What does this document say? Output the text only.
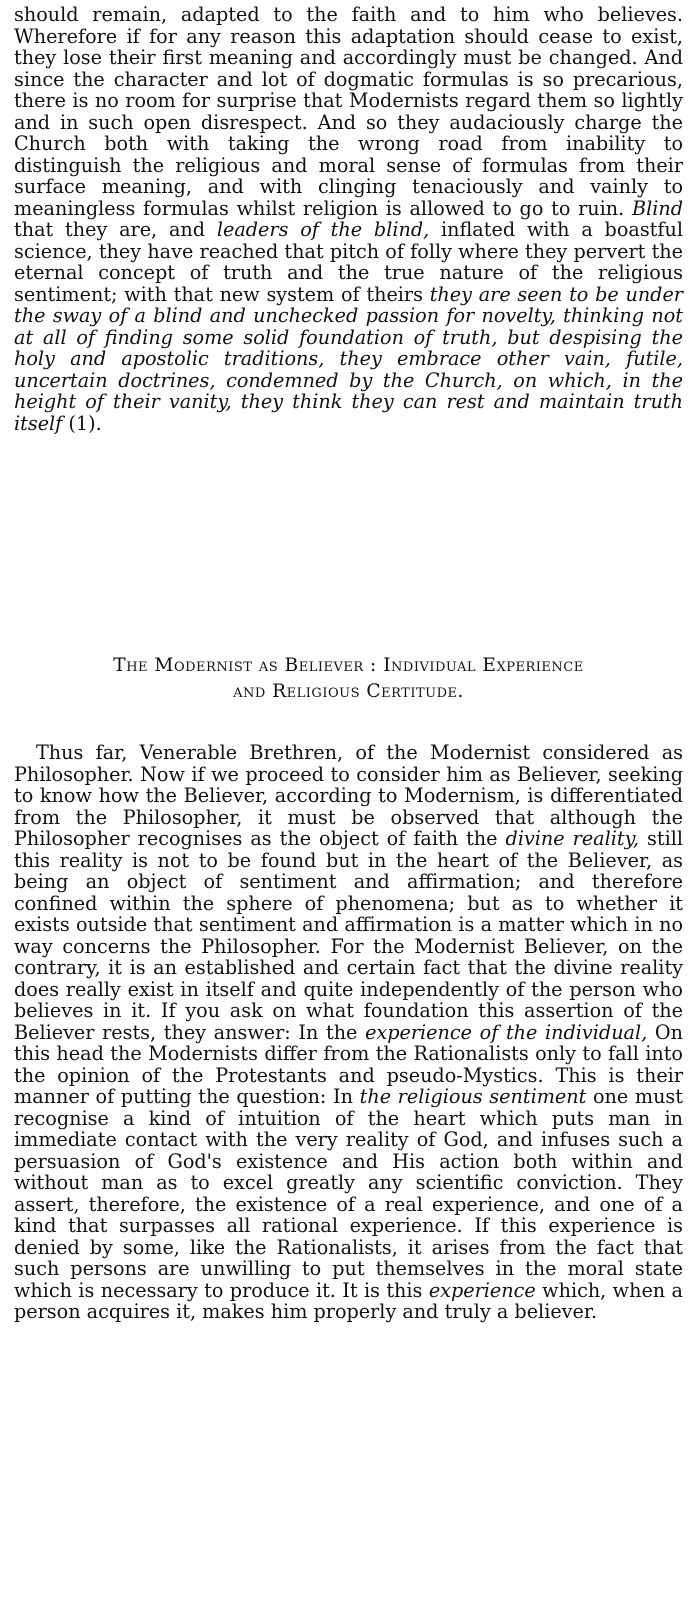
should remain, adapted to the faith and to him who believes. Wherefore if for any reason this adaptation should cease to exist, they lose their first meaning and accordingly must be changed. And since the character and lot of dogmatic formulas is so precarious, there is no room for surprise that Modernists regard them so lightly and in such open disrespect. And so they audaciously charge the Church both with taking the wrong road from inability to distinguish the religious and moral sense of formulas from their surface meaning, and with clinging tenaciously and vainly to meaningless formulas whilst religion is allowed to go to ruin. Blind that they are, and leaders of the blind, inflated with a boastful science, they have reached that pitch of folly where they pervert the eternal concept of truth and the true nature of the religious sentiment; with that new system of theirs they are seen to be under the sway of a blind and unchecked passion for novelty, thinking not at all of finding some solid foundation of truth, but despising the holy and apostolic traditions, they embrace other vain, futile, uncertain doctrines, condemned by the Church, on which, in the height of their vanity, they think they can rest and maintain truth itself (1).

The Modernist as Believer : Individual Experience
and Religious Certitude.

Thus far, Venerable Brethren, of the Modernist considered as Philosopher. Now if we proceed to consider him as Believer, seeking to know how the Believer, according to Modernism, is differentiated from the Philosopher, it must be observed that although the Philosopher recognises as the object of faith the divine reality, still this reality is not to be found but in the heart of the Believer, as being an object of sentiment and affirmation; and therefore confined within the sphere of phenomena; but as to whether it exists outside that sentiment and affirmation is a matter which in no way concerns the Philosopher. For the Modernist Believer, on the contrary, it is an established and certain fact that the divine reality does really exist in itself and quite independently of the person who believes in it. If you ask on what foundation this assertion of the Believer rests, they answer: In the experience of the individual, On this head the Modernists differ from the Rationalists only to fall into the opinion of the Protestants and pseudo-Mystics. This is their manner of putting the question: In the religious sentiment one must recognise a kind of intuition of the heart which puts man in immediate contact with the very reality of God, and infuses such a persuasion of God's existence and His action both within and without man as to excel greatly any scientific conviction. They assert, therefore, the existence of a real experience, and one of a kind that surpasses all rational experience. If this experience is denied by some, like the Rationalists, it arises from the fact that such persons are unwilling to put themselves in the moral state which is necessary to produce it. It is this experience which, when a person acquires it, makes him properly and truly a believer.
